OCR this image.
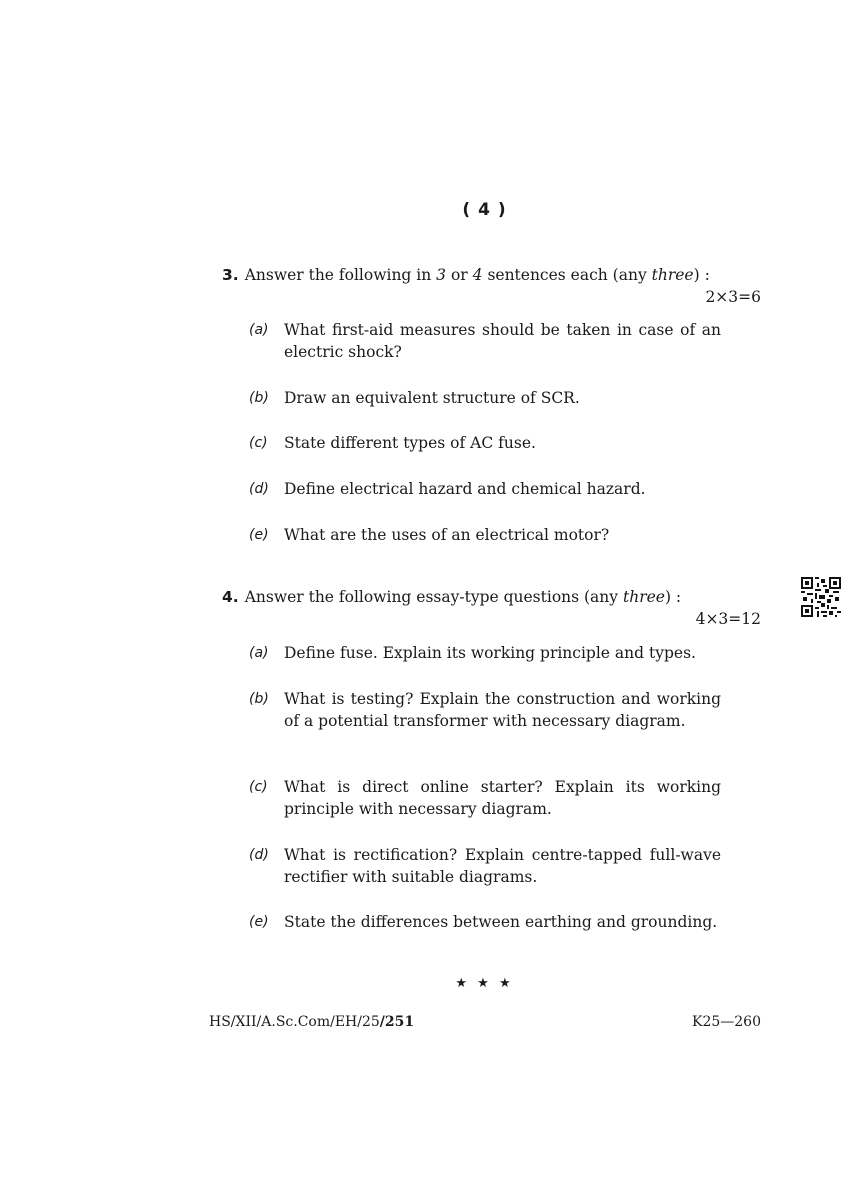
( 4 )
3. Answer the following in 3 or 4 sentences each (any three) :
2×3=6
(a) What first-aid measures should be taken in case of an electric shock?
(b) Draw an equivalent structure of SCR.
(c) State different types of AC fuse.
(d) Define electrical hazard and chemical hazard.
(e) What are the uses of an electrical motor?
4. Answer the following essay-type questions (any three) :
4×3=12
(a) Define fuse. Explain its working principle and types.
(b) What is testing? Explain the construction and working of a potential transformer with necessary diagram.
(c) What is direct online starter? Explain its working principle with necessary diagram.
(d) What is rectification? Explain centre-tapped full-wave rectifier with suitable diagrams.
(e) State the differences between earthing and grounding.
★ ★ ★
HS/XII/A.Sc.Com/EH/25/251	K25—260
